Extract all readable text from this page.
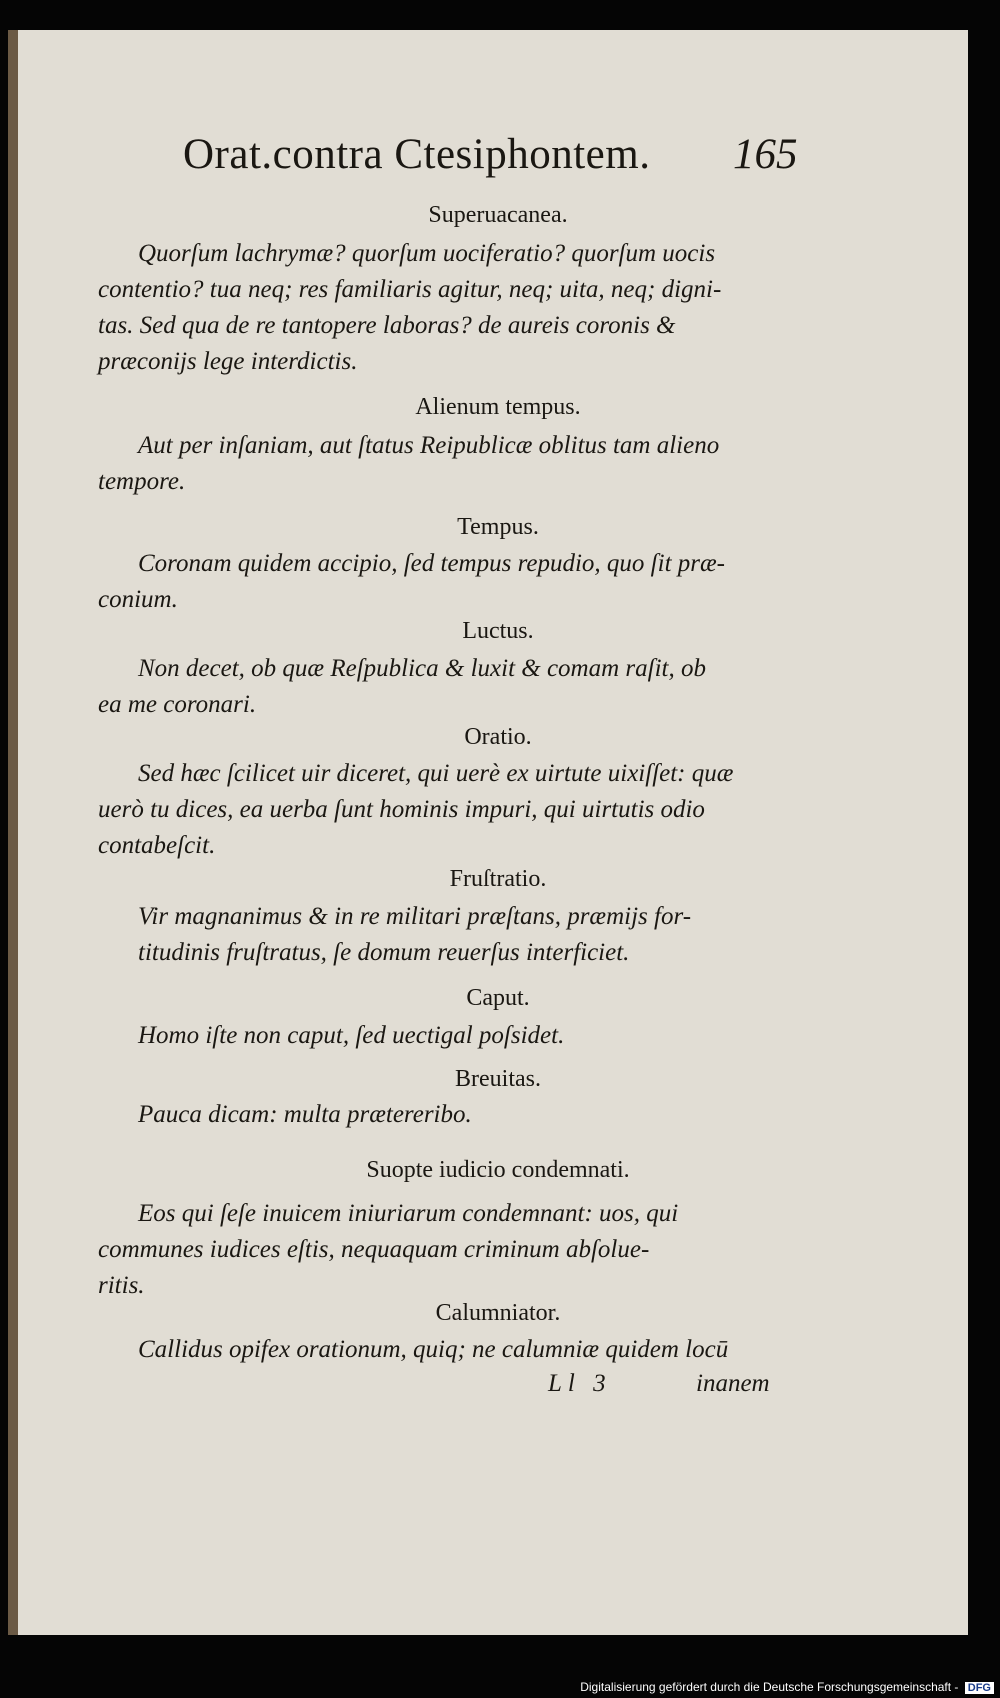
Orat.contra Ctesiphontem. 165
Superuacanea.
Quorſum lachrymæ? quorſum uociferatio? quorſum uocis
contentio? tua neq; res familiaris agitur, neq; uita, neq; digni-
tas. Sed qua de re tantopere laboras? de aureis coronis &
præconijs lege interdictis.
Alienum tempus.
Aut per inſaniam, aut ſtatus Reipublicæ oblitus tam alieno
tempore.
Tempus.
Coronam quidem accipio, ſed tempus repudio, quo ſit præ-
conium.
Luctus.
Non decet, ob quæ Reſpublica & luxit & comam raſit, ob
ea me coronari.
Oratio.
Sed hæc ſcilicet uir diceret, qui uerè ex uirtute uixiſſet: quæ
uerò tu dices, ea uerba ſunt hominis impuri, qui uirtutis odio
contabeſcit.
Fruſtratio.
Vir magnanimus & in re militari præſtans, præmijs for-
titudinis fruſtratus, ſe domum reuerſus interficiet.
Caput.
Homo iſte non caput, ſed uectigal poſsidet.
Breuitas.
Pauca dicam: multa prætereribo.
Suopte iudicio condemnati.
Eos qui ſeſe inuicem iniuriarum condemnant: uos, qui
communes iudices eſtis, nequaquam criminum abſolue-
ritis.
Calumniator.
Callidus opifex orationum, quiq; ne calumniæ quidem locū
Ll 3	inanem
Digitalisierung gefördert durch die Deutsche Forschungsgemeinschaft - DFG
